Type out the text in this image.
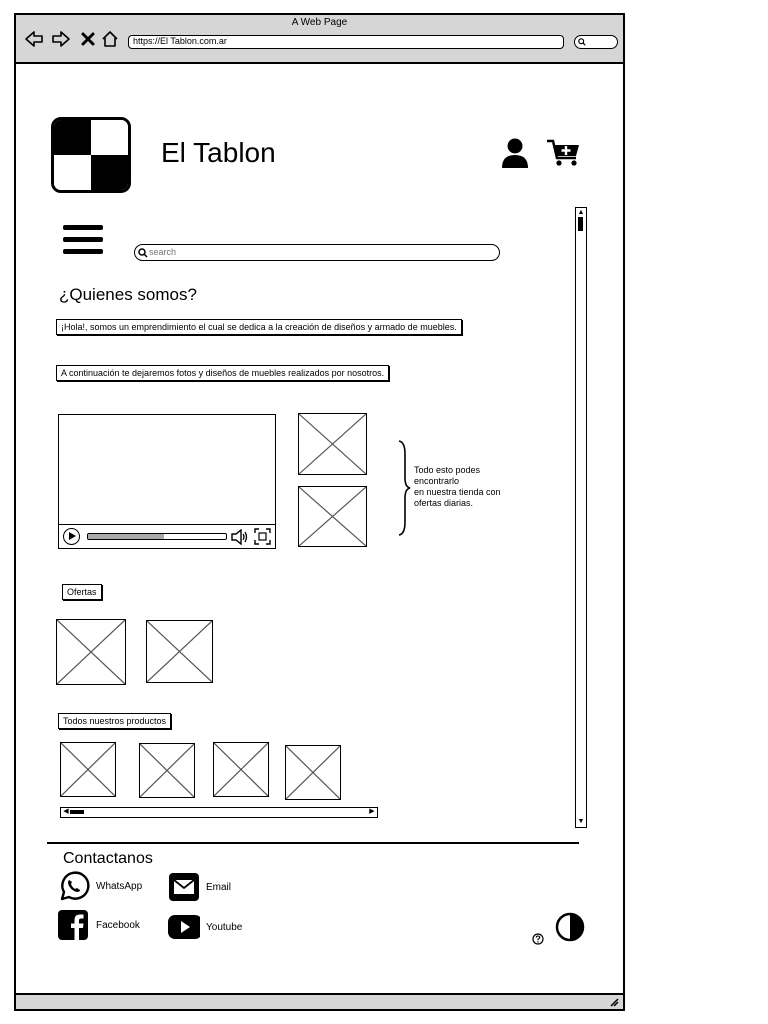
A Web Page
https://El Tablon.com.ar
El Tablon
search
▲
▼
¿Quienes somos?
¡Hola!, somos un emprendimiento el cual se dedica a la creación de diseños y armado de muebles.
A continuación te dejaremos fotos y diseños de muebles realizados por nosotros.
Todo esto podes
encontrarlo
en nuestra tienda con
ofertas diarias.
Ofertas
Todos nuestros productos
◀	▶
Contactanos
WhatsApp	Email
Facebook	Youtube
